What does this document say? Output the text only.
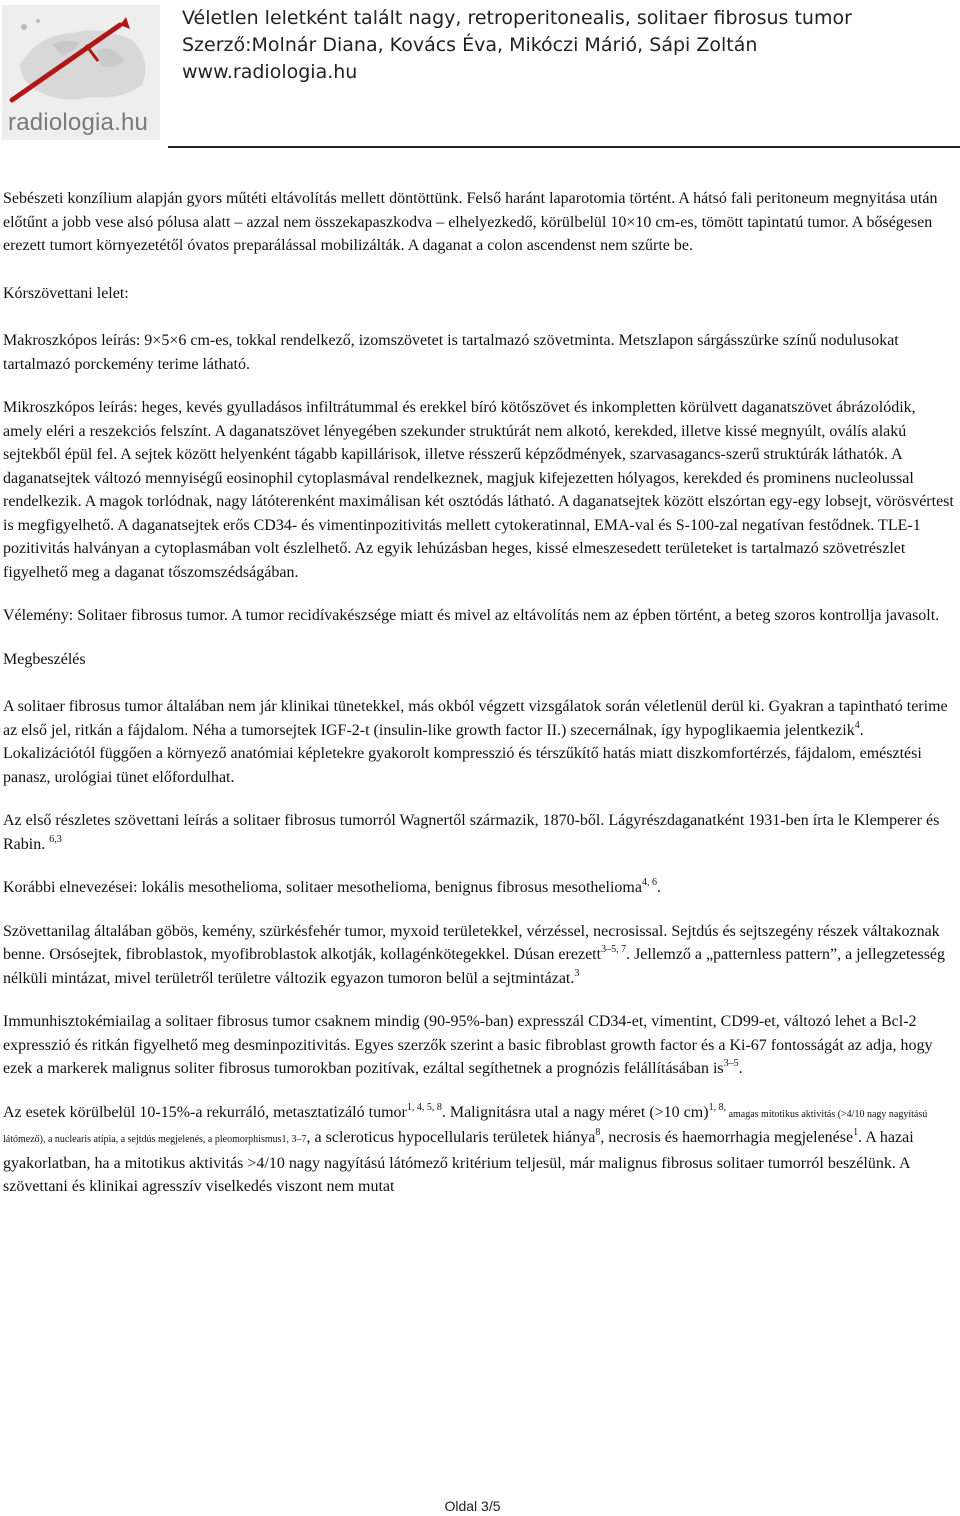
radiologia.hu
Véletlen leletként talált nagy, retroperitonealis, solitaer fibrosus tumor
Szerző:Molnár Diana, Kovács Éva, Mikóczi Márió, Sápi Zoltán
www.radiologia.hu

Sebészeti konzílium alapján gyors műtéti eltávolítás mellett döntöttünk. Felső haránt laparotomia történt. A hátsó fali peritoneum megnyitása után előtűnt a jobb vese alsó pólusa alatt – azzal nem összekapaszkodva – elhelyezkedő, körülbelül 10×10 cm-es, tömött tapintatú tumor. A bőségesen erezett tumort környezetétől óvatos preparálással mobilizálták. A daganat a colon ascendenst nem szűrte be.

Kórszövettani lelet:

Makroszkópos leírás: 9×5×6 cm-es, tokkal rendelkező, izomszövetet is tartalmazó szövetminta. Metszlapon sárgásszürke színű nodulusokat tartalmazó porckemény terime látható.

Mikroszkópos leírás: heges, kevés gyulladásos infiltrátummal és erekkel bíró kötőszövet és inkompletten körülvett daganatszövet ábrázolódik, amely eléri a reszekciós felszínt. A daganatszövet lényegében szekunder struktúrát nem alkotó, kerekded, illetve kissé megnyúlt, oválís alakú sejtekből épül fel. A sejtek között helyenként tágabb kapillárisok, illetve résszerű képződmények, szarvasagancs-szerű struktúrák láthatók. A daganatsejtek változó mennyiségű eosinophil cytoplasmával rendelkeznek, magjuk kifejezetten hólyagos, kerekded és prominens nucleolussal rendelkezik. A magok torlódnak, nagy látóterenként maximálisan két osztódás látható. A daganatsejtek között elszórtan egy-egy lobsejt, vörösvértest is megfigyelhető. A daganatsejtek erős CD34- és vimentinpozitivitás mellett cytokeratinnal, EMA-val és S-100-zal negatívan festődnek. TLE-1 pozitivitás halványan a cytoplasmában volt észlelhető. Az egyik lehúzásban heges, kissé elmeszesedett területeket is tartalmazó szövetrészlet figyelhető meg a daganat tőszomszédságában.

Vélemény: Solitaer fibrosus tumor. A tumor recidívakészsége miatt és mivel az eltávolítás nem az épben történt, a beteg szoros kontrollja javasolt.

Megbeszélés

A solitaer fibrosus tumor általában nem jár klinikai tünetekkel, más okból végzett vizsgálatok során véletlenül derül ki. Gyakran a tapintható terime az első jel, ritkán a fájdalom. Néha a tumorsejtek IGF-2-t (insulin-like growth factor II.) szecernálnak, így hypoglikaemia jelentkezik$^4$. Lokalizációtól függően a környező anatómiai képletekre gyakorolt kompresszió és térszűkítő hatás miatt diszkomfortérzés, fájdalom, emésztési panasz, urológiai tünet előfordulhat.

Az első részletes szövettani leírás a solitaer fibrosus tumorról Wagnertől származik, 1870-ből. Lágyrészdaganatként 1931-ben írta le Klemperer és Rabin. $^{6,3}$

Korábbi elnevezései: lokális mesothelioma, solitaer mesothelioma, benignus fibrosus mesothelioma$^{4, 6}$.

Szövettanilag általában göbös, kemény, szürkésfehér tumor, myxoid területekkel, vérzéssel, necrosissal. Sejtdús és sejtszegény részek váltakoznak benne. Orsósejtek, fibroblastok, myofibroblastok alkotják, kollagénkötegekkel. Dúsan erezett$^{3-5, 7}$. Jellemző a „patternless pattern”, a jellegzetesség nélküli mintázat, mivel területről területre változik egyazon tumoron belül a sejtmintázat.$^3$

Immunhisztokémiailag a solitaer fibrosus tumor csaknem mindig (90-95%-ban) expresszál CD34-et, vimentint, CD99-et, változó lehet a Bcl-2 expresszió és ritkán figyelhető meg desminpozitivitás. Egyes szerzők szerint a basic fibroblast growth factor és a Ki-67 fontosságát az adja, hogy ezek a markerek malignus soliter fibrosus tumorokban pozitívak, ezáltal segíthetnek a prognózis felállításában $is^{3-5}$.

Az esetek körülbelül 10-15%-a rekurráló, metasztatizáló tumor$^{1, 4, 5, 8}$. Malignitásra utal a nagy méret (>10 cm)$^{1, 8,}$ amagas mitotikus aktivitás (>4/10 nagy nagyítású látómező), a nuclearis atípia, a sejtdús megjelenés, a pleomorphismus1, 3–7, a scleroticus hypocellularis területek hiánya$^8$, necrosis és haemorrhagia megjelenése$^1$. A hazai gyakorlatban, ha a mitotikus aktivitás >4/10 nagy nagyítású látómező kritérium teljesül, már malignus fibrosus solitaer tumorról beszélünk. A szövettani és klinikai agresszív viselkedés viszont nem mutat

Oldal 3/5
